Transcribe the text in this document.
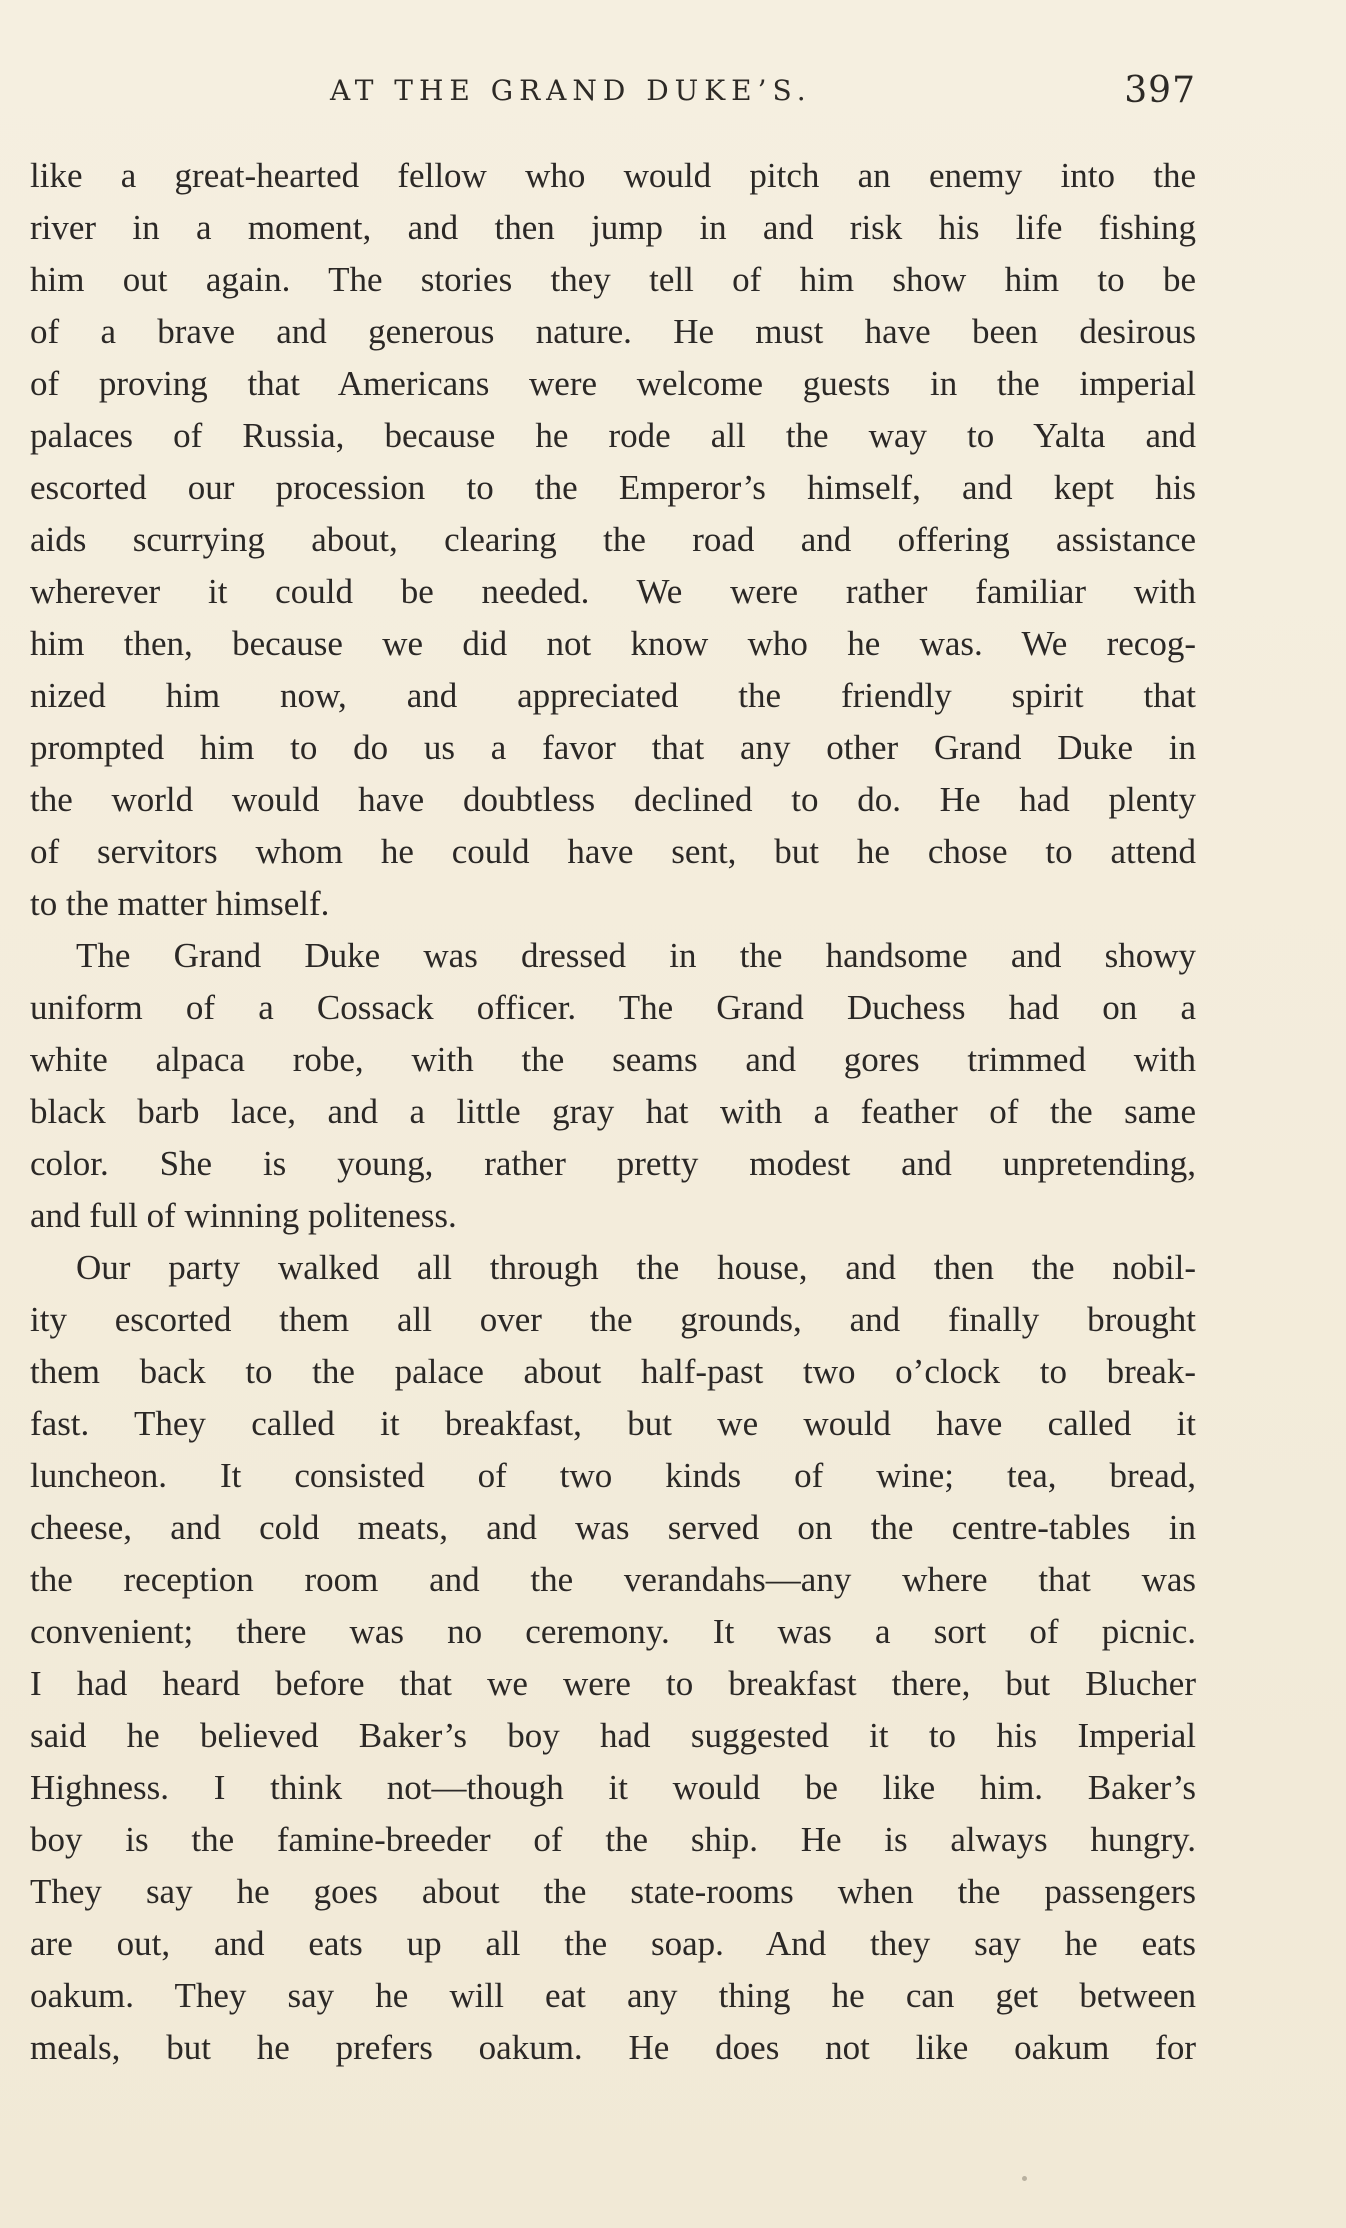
AT THE GRAND DUKE’S.	397
like a great-hearted fellow who would pitch an enemy into the
river in a moment, and then jump in and risk his life fishing
him out again. The stories they tell of him show him to be
of a brave and generous nature. He must have been desirous
of proving that Americans were welcome guests in the imperial
palaces of Russia, because he rode all the way to Yalta and
escorted our procession to the Emperor’s himself, and kept his
aids scurrying about, clearing the road and offering assistance
wherever it could be needed. We were rather familiar with
him then, because we did not know who he was. We recog-
nized him now, and appreciated the friendly spirit that
prompted him to do us a favor that any other Grand Duke in
the world would have doubtless declined to do. He had plenty
of servitors whom he could have sent, but he chose to attend
to the matter himself.
The Grand Duke was dressed in the handsome and showy
uniform of a Cossack officer. The Grand Duchess had on a
white alpaca robe, with the seams and gores trimmed with
black barb lace, and a little gray hat with a feather of the same
color. She is young, rather pretty modest and unpretending,
and full of winning politeness.
Our party walked all through the house, and then the nobil-
ity escorted them all over the grounds, and finally brought
them back to the palace about half-past two o’clock to break-
fast. They called it breakfast, but we would have called it
luncheon. It consisted of two kinds of wine; tea, bread,
cheese, and cold meats, and was served on the centre-tables in
the reception room and the verandahs—any where that was
convenient; there was no ceremony. It was a sort of picnic.
I had heard before that we were to breakfast there, but Blucher
said he believed Baker’s boy had suggested it to his Imperial
Highness. I think not—though it would be like him. Baker’s
boy is the famine-breeder of the ship. He is always hungry.
They say he goes about the state-rooms when the passengers
are out, and eats up all the soap. And they say he eats
oakum. They say he will eat any thing he can get between
meals, but he prefers oakum. He does not like oakum for
